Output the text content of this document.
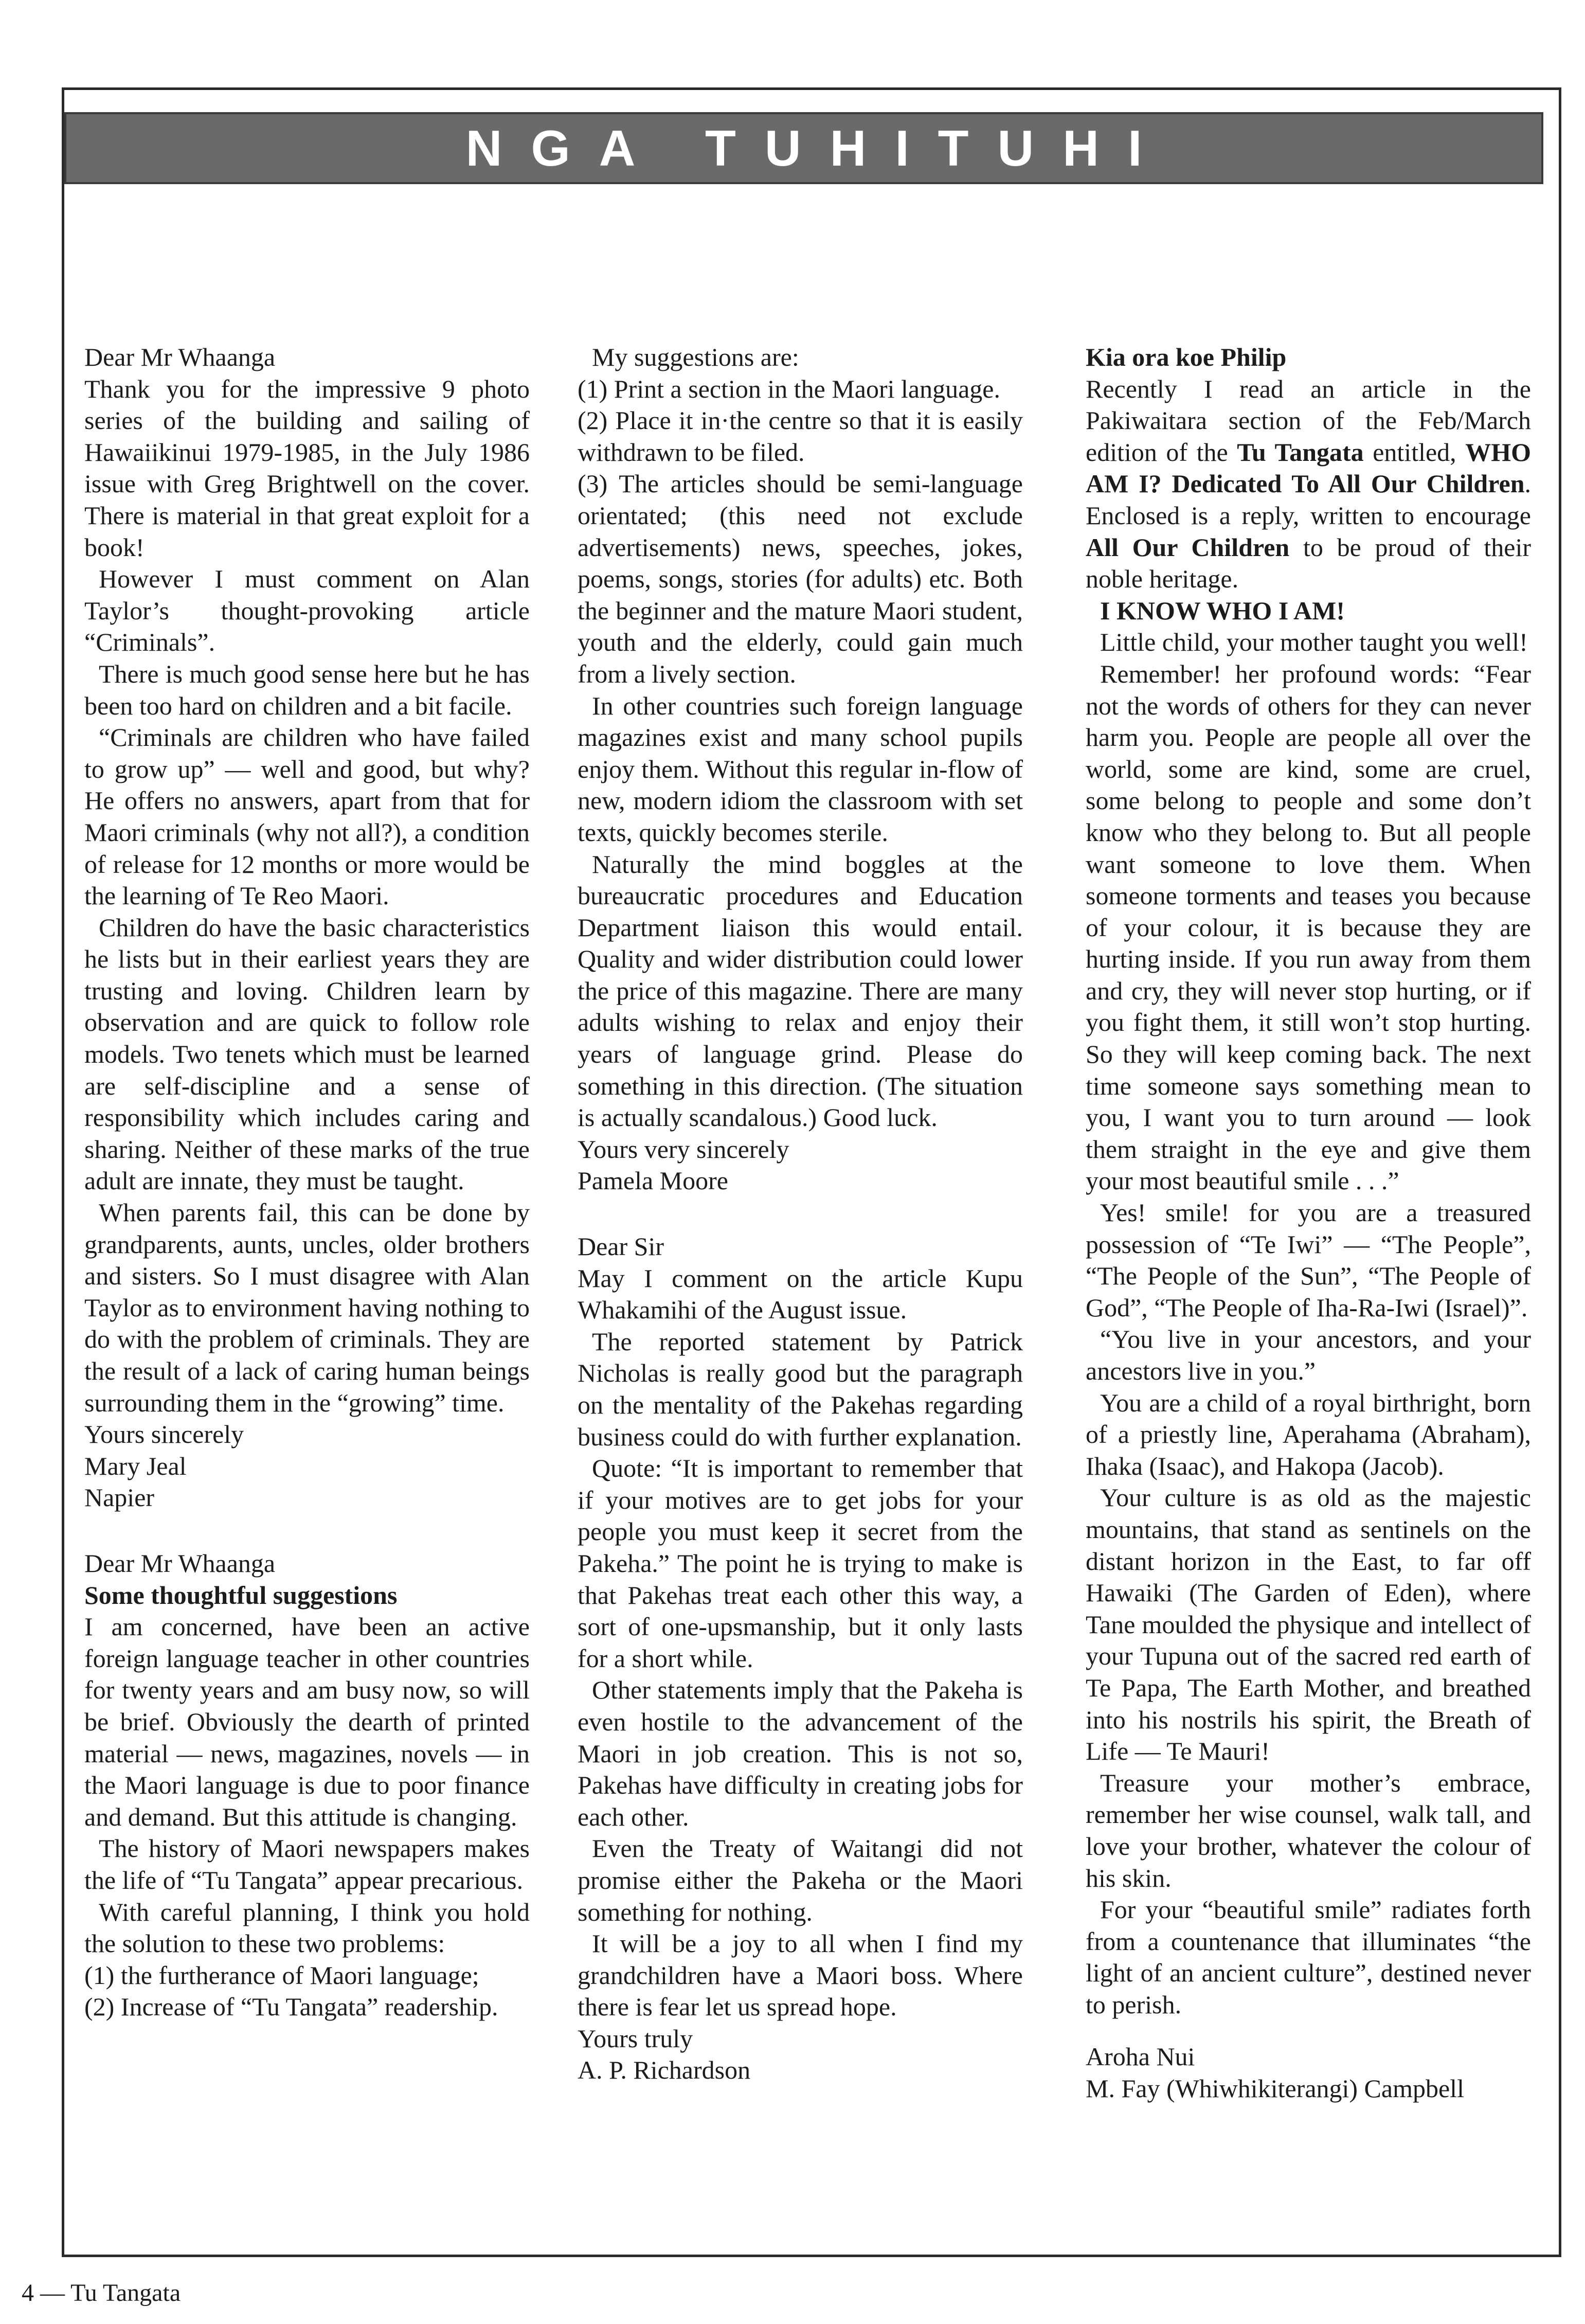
NGA TUHITUHI

Dear Mr Whaanga

Thank you for the impressive 9 photo series of the building and sailing of Hawaiikinui 1979-1985, in the July 1986 issue with Greg Brightwell on the cover. There is material in that great exploit for a book!

However I must comment on Alan Taylor’s thought-provoking article “Criminals”.

There is much good sense here but he has been too hard on children and a bit facile.

“Criminals are children who have failed to grow up” — well and good, but why? He offers no answers, apart from that for Maori criminals (why not all?), a condition of release for 12 months or more would be the learning of Te Reo Maori.

Children do have the basic characteristics he lists but in their earliest years they are trusting and loving. Children learn by observation and are quick to follow role models. Two tenets which must be learned are self-discipline and a sense of responsibility which includes caring and sharing. Neither of these marks of the true adult are innate, they must be taught.

When parents fail, this can be done by grandparents, aunts, uncles, older brothers and sisters. So I must disagree with Alan Taylor as to environment having nothing to do with the problem of criminals. They are the result of a lack of caring human beings surrounding them in the “growing” time.

Yours sincerely

Mary Jeal

Napier

Dear Mr Whaanga

Some thoughtful suggestions

I am concerned, have been an active foreign language teacher in other countries for twenty years and am busy now, so will be brief. Obviously the dearth of printed material — news, magazines, novels — in the Maori language is due to poor finance and demand. But this attitude is changing.

The history of Maori newspapers makes the life of “Tu Tangata” appear precarious.

With careful planning, I think you hold the solution to these two problems:

(1) the furtherance of Maori language;

(2) Increase of “Tu Tangata” readership.

My suggestions are:

(1) Print a section in the Maori language.

(2) Place it in·the centre so that it is easily withdrawn to be filed.

(3) The articles should be semi-language orientated; (this need not exclude advertisements) news, speeches, jokes, poems, songs, stories (for adults) etc. Both the beginner and the mature Maori student, youth and the elderly, could gain much from a lively section.

In other countries such foreign language magazines exist and many school pupils enjoy them. Without this regular in-flow of new, modern idiom the classroom with set texts, quickly becomes sterile.

Naturally the mind boggles at the bureaucratic procedures and Education Department liaison this would entail. Quality and wider distribution could lower the price of this magazine. There are many adults wishing to relax and enjoy their years of language grind. Please do something in this direction. (The situation is actually scandalous.) Good luck.

Yours very sincerely

Pamela Moore

Dear Sir

May I comment on the article Kupu Whakamihi of the August issue.

The reported statement by Patrick Nicholas is really good but the paragraph on the mentality of the Pakehas regarding business could do with further explanation.

Quote: “It is important to remember that if your motives are to get jobs for your people you must keep it secret from the Pakeha.” The point he is trying to make is that Pakehas treat each other this way, a sort of one-upsmanship, but it only lasts for a short while.

Other statements imply that the Pakeha is even hostile to the advancement of the Maori in job creation. This is not so, Pakehas have difficulty in creating jobs for each other.

Even the Treaty of Waitangi did not promise either the Pakeha or the Maori something for nothing.

It will be a joy to all when I find my grandchildren have a Maori boss. Where there is fear let us spread hope.

Yours truly

A. P. Richardson

Kia ora koe Philip

Recently I read an article in the Pakiwaitara section of the Feb/March edition of the Tu Tangata entitled, WHO AM I? Dedicated To All Our Children. Enclosed is a reply, written to encourage All Our Children to be proud of their noble heritage.

I KNOW WHO I AM!

Little child, your mother taught you well!

Remember! her profound words: “Fear not the words of others for they can never harm you. People are people all over the world, some are kind, some are cruel, some belong to people and some don’t know who they belong to. But all people want someone to love them. When someone torments and teases you because of your colour, it is because they are hurting inside. If you run away from them and cry, they will never stop hurting, or if you fight them, it still won’t stop hurting. So they will keep coming back. The next time someone says something mean to you, I want you to turn around — look them straight in the eye and give them your most beautiful smile . . .”

Yes! smile! for you are a treasured possession of “Te Iwi” — “The People”, “The People of the Sun”, “The People of God”, “The People of Iha-Ra-Iwi (Israel)”.

“You live in your ancestors, and your ancestors live in you.”

You are a child of a royal birthright, born of a priestly line, Aperahama (Abraham), Ihaka (Isaac), and Hakopa (Jacob).

Your culture is as old as the majestic mountains, that stand as sentinels on the distant horizon in the East, to far off Hawaiki (The Garden of Eden), where Tane moulded the physique and intellect of your Tupuna out of the sacred red earth of Te Papa, The Earth Mother, and breathed into his nostrils his spirit, the Breath of Life — Te Mauri!

Treasure your mother’s embrace, remember her wise counsel, walk tall, and love your brother, whatever the colour of his skin.

For your “beautiful smile” radiates forth from a countenance that illuminates “the light of an ancient culture”, destined never to perish.

Aroha Nui

M. Fay (Whiwhikiterangi) Campbell

4 — Tu Tangata
